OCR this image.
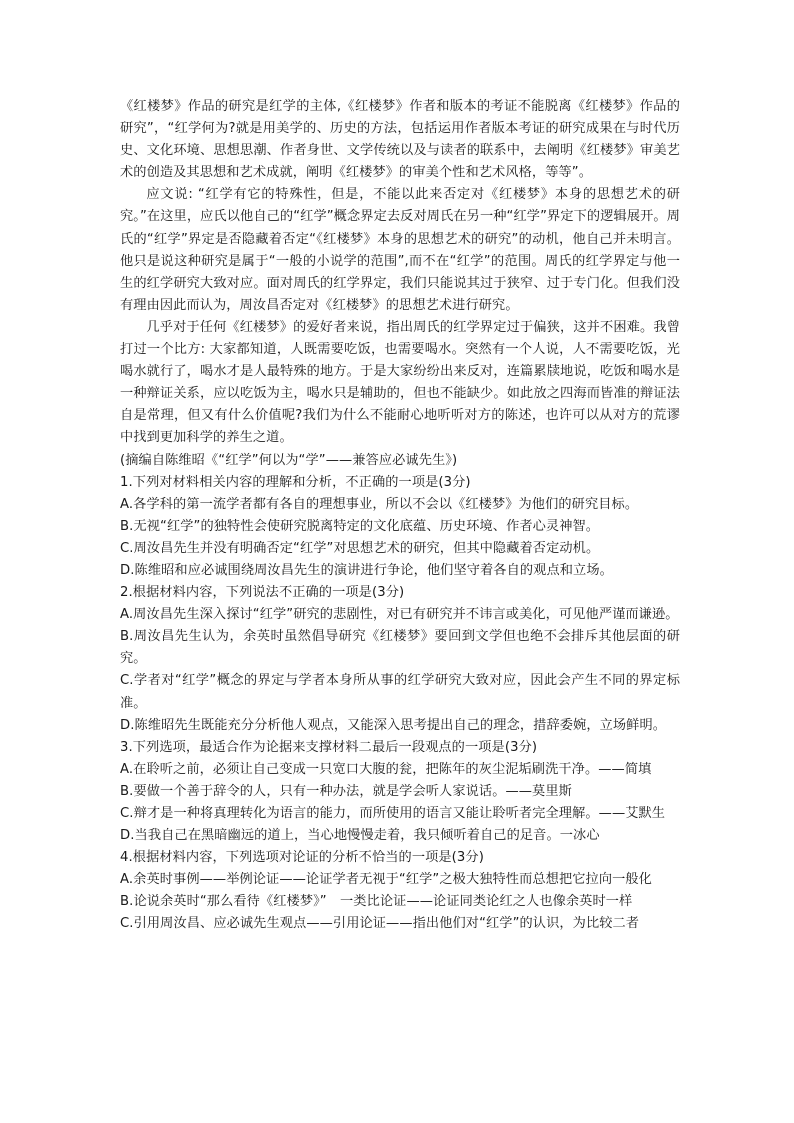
《红楼梦》作品的研究是红学的主体,《红楼梦》作者和版本的考证不能脱离《红楼梦》作品的研究”，“红学何为?就是用美学的、历史的方法，包括运用作者版本考证的研究成果在与时代历史、文化环境、思想思潮、作者身世、文学传统以及与读者的联系中，去阐明《红楼梦》审美艺术的创造及其思想和艺术成就，阐明《红楼梦》的审美个性和艺术风格，等等”。

应文说: “红学有它的特殊性，但是，不能以此来否定对《红楼梦》本身的思想艺术的研究。”在这里，应氏以他自己的“红学”概念界定去反对周氏在另一种“红学”界定下的逻辑展开。周氏的“红学”界定是否隐藏着否定“《红楼梦》本身的思想艺术的研究”的动机，他自己并未明言。他只是说这种研究是属于“一般的小说学的范围”,而不在“红学”的范围。周氏的红学界定与他一生的红学研究大致对应。面对周氏的红学界定，我们只能说其过于狭窄、过于专门化。但我们没有理由因此而认为，周汝昌否定对《红楼梦》的思想艺术进行研究。

几乎对于任何《红楼梦》的爱好者来说，指出周氏的红学界定过于偏狭，这并不困难。我曾打过一个比方: 大家都知道，人既需要吃饭，也需要喝水。突然有一个人说，人不需要吃饭，光喝水就行了，喝水才是人最特殊的地方。于是大家纷纷出来反对，连篇累牍地说，吃饭和喝水是一种辩证关系，应以吃饭为主，喝水只是辅助的，但也不能缺少。如此放之四海而皆准的辩证法自是常理，但又有什么价值呢?我们为什么不能耐心地听听对方的陈述，也许可以从对方的荒谬中找到更加科学的养生之道。

(摘编自陈维昭《“红学”何以为“学”——兼答应必诚先生》)

1.下列对材料相关内容的理解和分析，不正确的一项是(3分)

A.各学科的第一流学者都有各自的理想事业，所以不会以《红楼梦》为他们的研究目标。

B.无视“红学”的独特性会使研究脱离特定的文化底蕴、历史环境、作者心灵神智。

C.周汝昌先生并没有明确否定“红学”对思想艺术的研究，但其中隐藏着否定动机。

D.陈维昭和应必诚围绕周汝昌先生的演讲进行争论，他们坚守着各自的观点和立场。

2.根据材料内容，下列说法不正确的一项是(3分)

A.周汝昌先生深入探讨“红学”研究的悲剧性，对已有研究并不讳言或美化，可见他严谨而谦逊。

B.周汝昌先生认为，余英时虽然倡导研究《红楼梦》要回到文学但也绝不会排斥其他层面的研究。

C.学者对“红学”概念的界定与学者本身所从事的红学研究大致对应，因此会产生不同的界定标准。

D.陈维昭先生既能充分分析他人观点，又能深入思考提出自己的理念，措辞委婉，立场鲜明。

3.下列选项，最适合作为论据来支撑材料二最后一段观点的一项是(3分)

A.在聆听之前，必须让自己变成一只宽口大腹的瓮，把陈年的灰尘泥垢刷洗干净。——简填

B.要做一个善于辞令的人，只有一种办法，就是学会听人家说话。——莫里斯

C.辩才是一种将真理转化为语言的能力，而所使用的语言又能让聆听者完全理解。——艾默生

D.当我自己在黑暗幽远的道上，当心地慢慢走着，我只倾听着自己的足音。一冰心

4.根据材料内容，下列选项对论证的分析不恰当的一项是(3分)

A.余英时事例——举例论证——论证学者无视于“红学”之极大独特性而总想把它拉向一般化

B.论说余英时“那么看待《红楼梦》”　一类比论证——论证同类论红之人也像余英时一样

C.引用周汝昌、应必诚先生观点——引用论证——指出他们对“红学”的认识，为比较二者
